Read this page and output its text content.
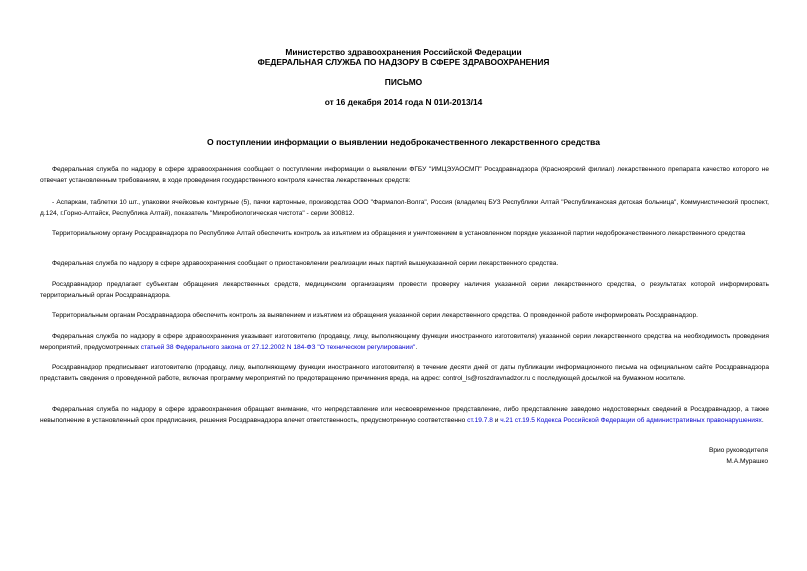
Министерство здравоохранения Российской Федерации
ФЕДЕРАЛЬНАЯ СЛУЖБА ПО НАДЗОРУ В СФЕРЕ ЗДРАВООХРАНЕНИЯ
ПИСЬМО
от 16 декабря 2014 года N 01И-2013/14
О поступлении информации о выявлении недоброкачественного лекарственного средства

Федеральная служба по надзору в сфере здравоохранения сообщает о поступлении информации о выявлении ФГБУ "ИМЦЭУАОСМП" Росздравнадзора (Красноярский филиал) лекарственного препарата качество которого не отвечает установленным требованиям, в ходе проведения государственного контроля качества лекарственных средств:

- Аспаркам, таблетки 10 шт., упаковки ячейковые контурные (5), пачки картонные, производства ООО "Фармапол-Волга", Россия (владелец БУЗ Республики Алтай "Республиканская детская больница", Коммунистический проспект, д.124, г.Горно-Алтайск, Республика Алтай), показатель "Микробиологическая чистота" - серии 300812.

Территориальному органу Росздравнадзора по Республике Алтай обеспечить контроль за изъятием из обращения и уничтожением в установленном порядке указанной партии недоброкачественного лекарственного средства

Федеральная служба по надзору в сфере здравоохранения сообщает о приостановлении реализации иных партий вышеуказанной серии лекарственного средства.

Росздравнадзор предлагает субъектам обращения лекарственных средств, медицинским организациям провести проверку наличия указанной серии лекарственного средства, о результатах которой информировать территориальный орган Росздравнадзора.

Территориальным органам Росздравнадзора обеспечить контроль за выявлением и изъятием из обращения указанной серии лекарственного средства. О проведенной работе информировать Росздравнадзор.

Федеральная служба по надзору в сфере здравоохранения указывает изготовителю (продавцу, лицу, выполняющему функции иностранного изготовителя) указанной серии лекарственного средства на необходимость проведения мероприятий, предусмотренных статьей 38 Федерального закона от 27.12.2002 N 184-ФЗ "О техническом регулировании".

Росздравнадзор предписывает изготовителю (продавцу, лицу, выполняющему функции иностранного изготовителя) в течение десяти дней от даты публикации информационного письма на официальном сайте Росздравнадзора представить сведения о проведенной работе, включая программу мероприятий по предотвращению причинения вреда, на адрес: control_ls@roszdravnadzor.ru с последующей досылкой на бумажном носителе.

Федеральная служба по надзору в сфере здравоохранения обращает внимание, что непредставление или несвоевременное представление, либо представление заведомо недостоверных сведений в Росздравнадзор, а также невыполнение в установленный срок предписания, решения Росздравнадзора влечет ответственность, предусмотренную соответственно ст.19.7.8 и ч.21 ст.19.5 Кодекса Российской Федерации об административных правонарушениях.

Врио руководителя
М.А.Мурашко
